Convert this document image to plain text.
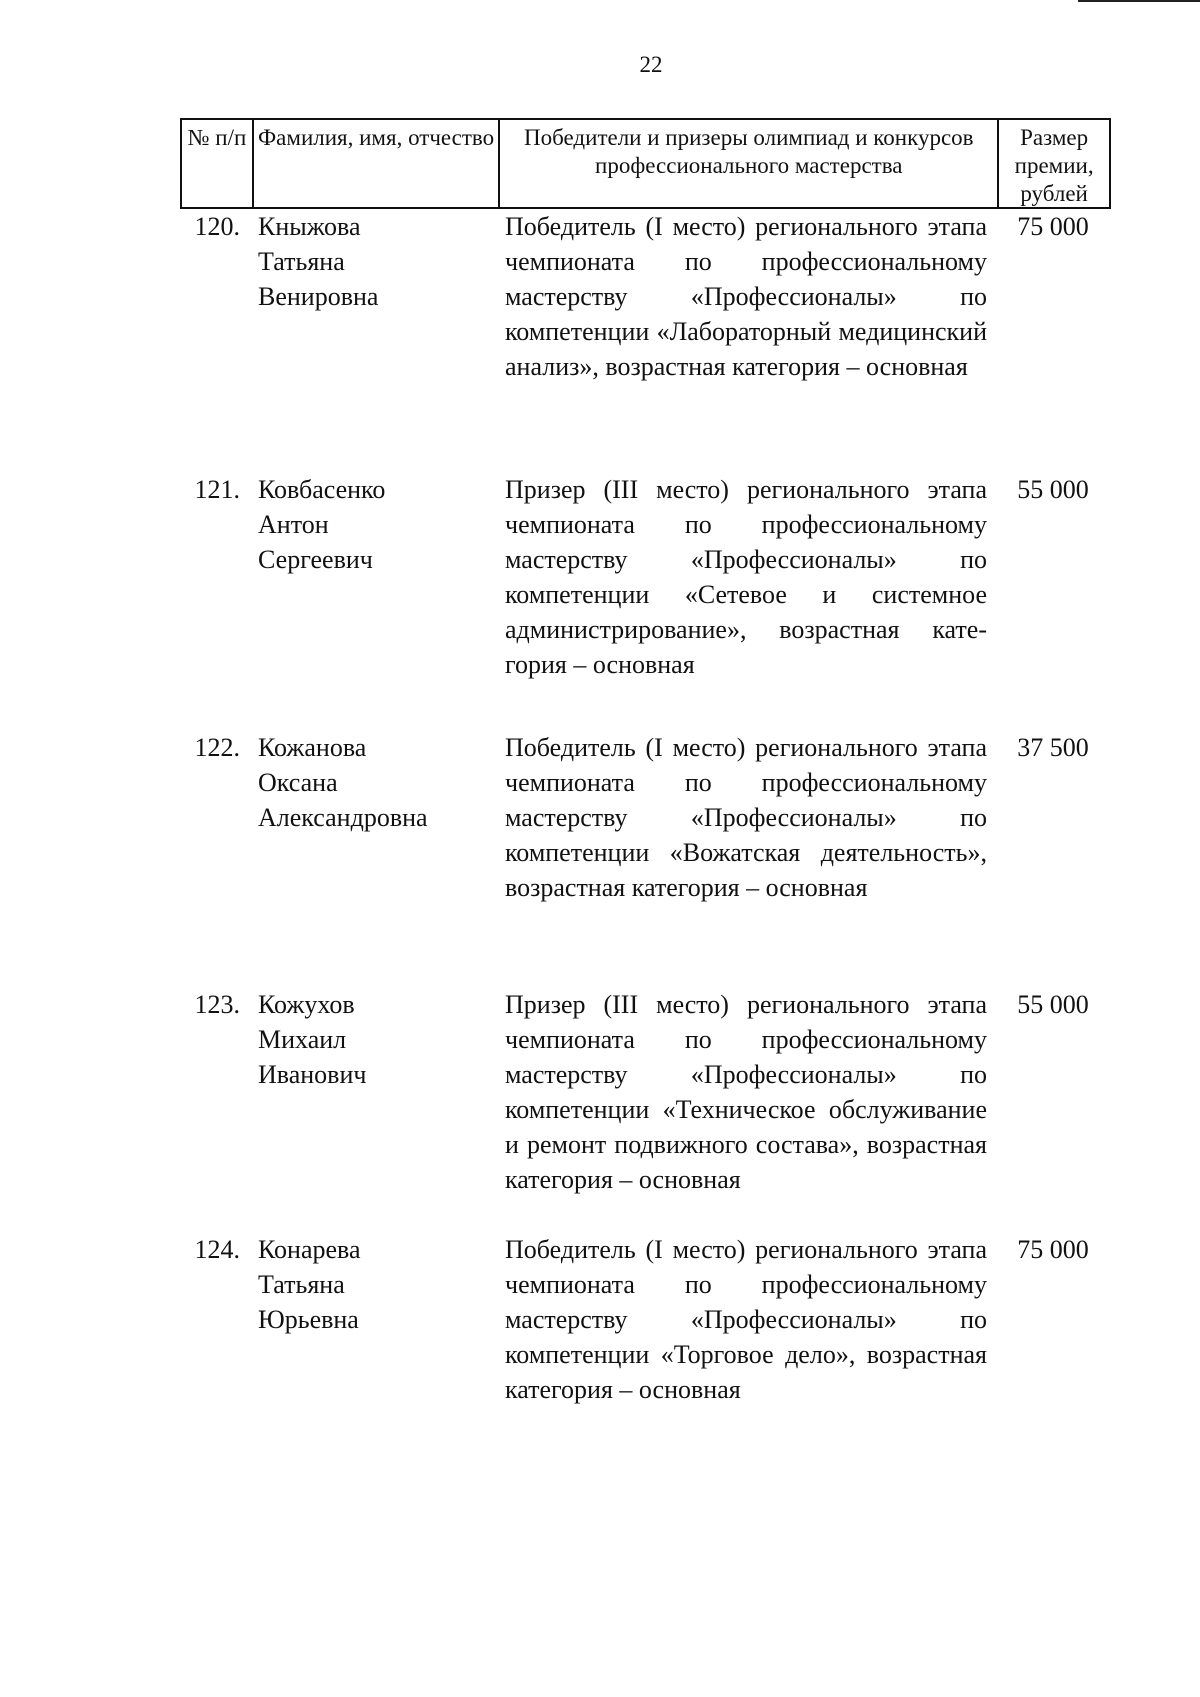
22
№ п/п Фамилия, имя, отчество	Победители и призеры олимпиад и конкурсов профессионального мастерства
Размер премии, рублей
120. Кныжова
Татьяна
Венировна
Победитель (I место) регионального этапа чемпионата по профессиональному мастерству «Профессионалы» по компетенции «Лабораторный медицинский анализ», возрастная категория – основная
75 000
121. Ковбасенко
Антон
Сергеевич
Призер (III место) регионального этапа чемпионата по профессиональному мастерству «Профессионалы» по компетенции «Сетевое и системное администрирование», возрастная категория – основная
55 000
122. Кожанова
Оксана
Александровна
Победитель (I место) регионального этапа чемпионата по профессиональному мастерству «Профессионалы» по компетенции «Вожатская деятельность», возрастная категория – основная
37 500
123. Кожухов
Михаил
Иванович
Призер (III место) регионального этапа чемпионата по профессиональному мастерству «Профессионалы» по компетенции «Техническое обслуживание и ремонт подвижного состава», возрастная категория – основная
55 000
124. Конарева
Татьяна
Юрьевна
Победитель (I место) регионального этапа чемпионата по профессиональному мастерству «Профессионалы» по компетенции «Торговое дело», возрастная категория – основная
75 000
